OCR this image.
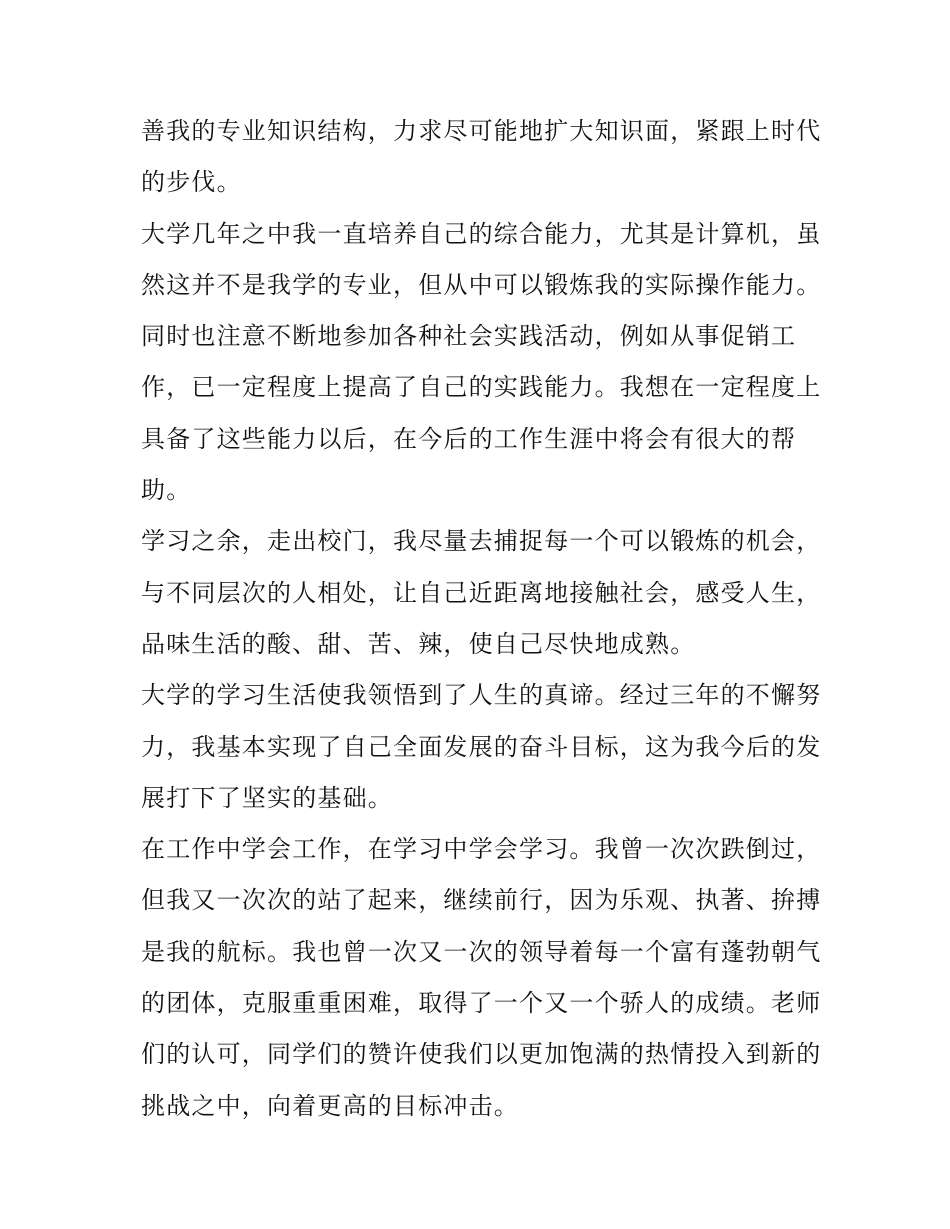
善我的专业知识结构，力求尽可能地扩大知识面，紧跟上时代
的步伐。
大学几年之中我一直培养自己的综合能力，尤其是计算机，虽
然这并不是我学的专业，但从中可以锻炼我的实际操作能力。
同时也注意不断地参加各种社会实践活动，例如从事促销工
作，已一定程度上提高了自己的实践能力。我想在一定程度上
具备了这些能力以后，在今后的工作生涯中将会有很大的帮
助。
学习之余，走出校门，我尽量去捕捉每一个可以锻炼的机会，
与不同层次的人相处，让自己近距离地接触社会，感受人生，
品味生活的酸、甜、苦、辣，使自己尽快地成熟。
大学的学习生活使我领悟到了人生的真谛。经过三年的不懈努
力，我基本实现了自己全面发展的奋斗目标，这为我今后的发
展打下了坚实的基础。
在工作中学会工作，在学习中学会学习。我曾一次次跌倒过，
但我又一次次的站了起来，继续前行，因为乐观、执著、拚搏
是我的航标。我也曾一次又一次的领导着每一个富有蓬勃朝气
的团体，克服重重困难，取得了一个又一个骄人的成绩。老师
们的认可，同学们的赞许使我们以更加饱满的热情投入到新的
挑战之中，向着更高的目标冲击。
